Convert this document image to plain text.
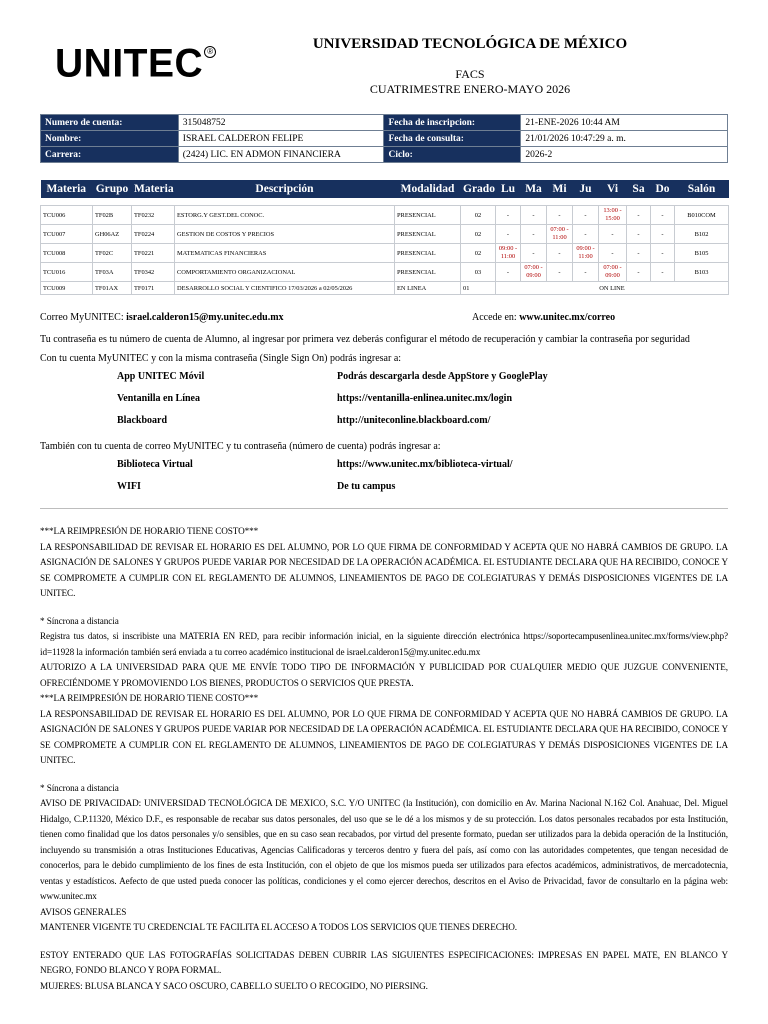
UNITEC ®	UNIVERSIDAD TECNOLÓGICA DE MÉXICO
FACS
CUATRIMESTRE ENERO-MAYO 2026
Numero de cuenta:	315048752	Fecha de inscripcion:	21-ENE-2026 10:44 AM
Nombre:	ISRAEL CALDERON FELIPE	Fecha de consulta:	21/01/2026 10:47:29 a. m.
Carrera:	(2424) LIC. EN ADMON FINANCIERA	Ciclo:	2026-2
Materia	Grupo	Materia	Descripción	Modalidad	Grado	Lu	Ma	Mi	Ju	Vi	Sa	Do	Salón

TCU006	TF02B	TF0232	ESTORG.Y GEST.DEL CONOC.	PRESENCIAL	02	-	-	-	-	13:00 - 15:00	-	-	B010COM
TCU007	GH06AZ	TF0224	GESTION DE COSTOS Y PRECIOS	PRESENCIAL	02	-	-	07:00 - 11:00	-	-	-	-	B102
TCU008	TF02C	TF0221	MATEMATICAS FINANCIERAS	PRESENCIAL	02	09:00 - 11:00	-	-	09:00 - 11:00	-	-	-	B105
TCU016	TF03A	TF0342	COMPORTAMIENTO ORGANIZACIONAL	PRESENCIAL	03	-	07:00 - 09:00	-	-	07:00 - 09:00	-	-	B103
TCU009	TF01AX	TF0171	DESARROLLO SOCIAL Y CIENTIFICO 17/03/2026 a 02/05/2026	EN LINEA	01	ON LINE							
Correo MyUNITEC: israel.calderon15@my.unitec.edu.mx	Accede en: www.unitec.mx/correo
Tu contraseña es tu número de cuenta de Alumno, al ingresar por primera vez deberás configurar el método de recuperación y cambiar la contraseña por seguridad
Con tu cuenta MyUNITEC y con la misma contraseña (Single Sign On) podrás ingresar a:
App UNITEC Móvil	Podrás descargarla desde AppStore y GooglePlay
Ventanilla en Línea	https://ventanilla-enlinea.unitec.mx/login
Blackboard	http://uniteconline.blackboard.com/
También con tu cuenta de correo MyUNITEC y tu contraseña (número de cuenta) podrás ingresar a:
Biblioteca Virtual	https://www.unitec.mx/biblioteca-virtual/
WIFI	De tu campus

***LA REIMPRESIÓN DE HORARIO TIENE COSTO***

LA RESPONSABILIDAD DE REVISAR EL HORARIO ES DEL ALUMNO, POR LO QUE FIRMA DE CONFORMIDAD Y ACEPTA QUE NO HABRÁ CAMBIOS DE GRUPO. LA ASIGNACIÓN DE SALONES Y GRUPOS PUEDE VARIAR POR NECESIDAD DE LA OPERACIÓN ACADÉMICA. EL ESTUDIANTE DECLARA QUE HA RECIBIDO, CONOCE Y SE COMPROMETE A CUMPLIR CON EL REGLAMENTO DE ALUMNOS, LINEAMIENTOS DE PAGO DE COLEGIATURAS Y DEMÁS DISPOSICIONES VIGENTES DE LA UNITEC.

* Síncrona a distancia

Registra tus datos, si inscribiste una MATERIA EN RED, para recibir información inicial, en la siguiente dirección electrónica https://soportecampusenlinea.unitec.mx/forms/view.php?id=11928 la información también será enviada a tu correo académico institucional de israel.calderon15@my.unitec.edu.mx

AUTORIZO A LA UNIVERSIDAD PARA QUE ME ENVÍE TODO TIPO DE INFORMACIÓN Y PUBLICIDAD POR CUALQUIER MEDIO QUE JUZGUE CONVENIENTE, OFRECIÉNDOME Y PROMOVIENDO LOS BIENES, PRODUCTOS O SERVICIOS QUE PRESTA.

***LA REIMPRESIÓN DE HORARIO TIENE COSTO***

LA RESPONSABILIDAD DE REVISAR EL HORARIO ES DEL ALUMNO, POR LO QUE FIRMA DE CONFORMIDAD Y ACEPTA QUE NO HABRÁ CAMBIOS DE GRUPO. LA ASIGNACIÓN DE SALONES Y GRUPOS PUEDE VARIAR POR NECESIDAD DE LA OPERACIÓN ACADÉMICA. EL ESTUDIANTE DECLARA QUE HA RECIBIDO, CONOCE Y SE COMPROMETE A CUMPLIR CON EL REGLAMENTO DE ALUMNOS, LINEAMIENTOS DE PAGO DE COLEGIATURAS Y DEMÁS DISPOSICIONES VIGENTES DE LA UNITEC.

* Síncrona a distancia

AVISO DE PRIVACIDAD: UNIVERSIDAD TECNOLÓGICA DE MEXICO, S.C. Y/O UNITEC (la Institución), con domicilio en Av. Marina Nacional N.162 Col. Anahuac, Del. Miguel Hidalgo, C.P.11320, México D.F., es responsable de recabar sus datos personales, del uso que se le dé a los mismos y de su protección. Los datos personales recabados por esta Institución, tienen como finalidad que los datos personales y/o sensibles, que en su caso sean recabados, por virtud del presente formato, puedan ser utilizados para la debida operación de la Institución, incluyendo su transmisión a otras Instituciones Educativas, Agencias Calificadoras y terceros dentro y fuera del país, así como con las autoridades competentes, que tengan necesidad de conocerlos, para le debido cumplimiento de los fines de esta Institución, con el objeto de que los mismos pueda ser utilizados para efectos académicos, administrativos, de mercadotecnia, ventas y estadísticos. Aefecto de que usted pueda conocer las políticas, condiciones y el como ejercer derechos, descritos en el Aviso de Privacidad, favor de consultarlo en la página web: www.unitec.mx

AVISOS GENERALES

MANTENER VIGENTE TU CREDENCIAL TE FACILITA EL ACCESO A TODOS LOS SERVICIOS QUE TIENES DERECHO.

ESTOY ENTERADO QUE LAS FOTOGRAFÍAS SOLICITADAS DEBEN CUBRIR LAS SIGUIENTES ESPECIFICACIONES: IMPRESAS EN PAPEL MATE, EN BLANCO Y NEGRO, FONDO BLANCO Y ROPA FORMAL.

MUJERES: BLUSA BLANCA Y SACO OSCURO, CABELLO SUELTO O RECOGIDO, NO PIERSING.
